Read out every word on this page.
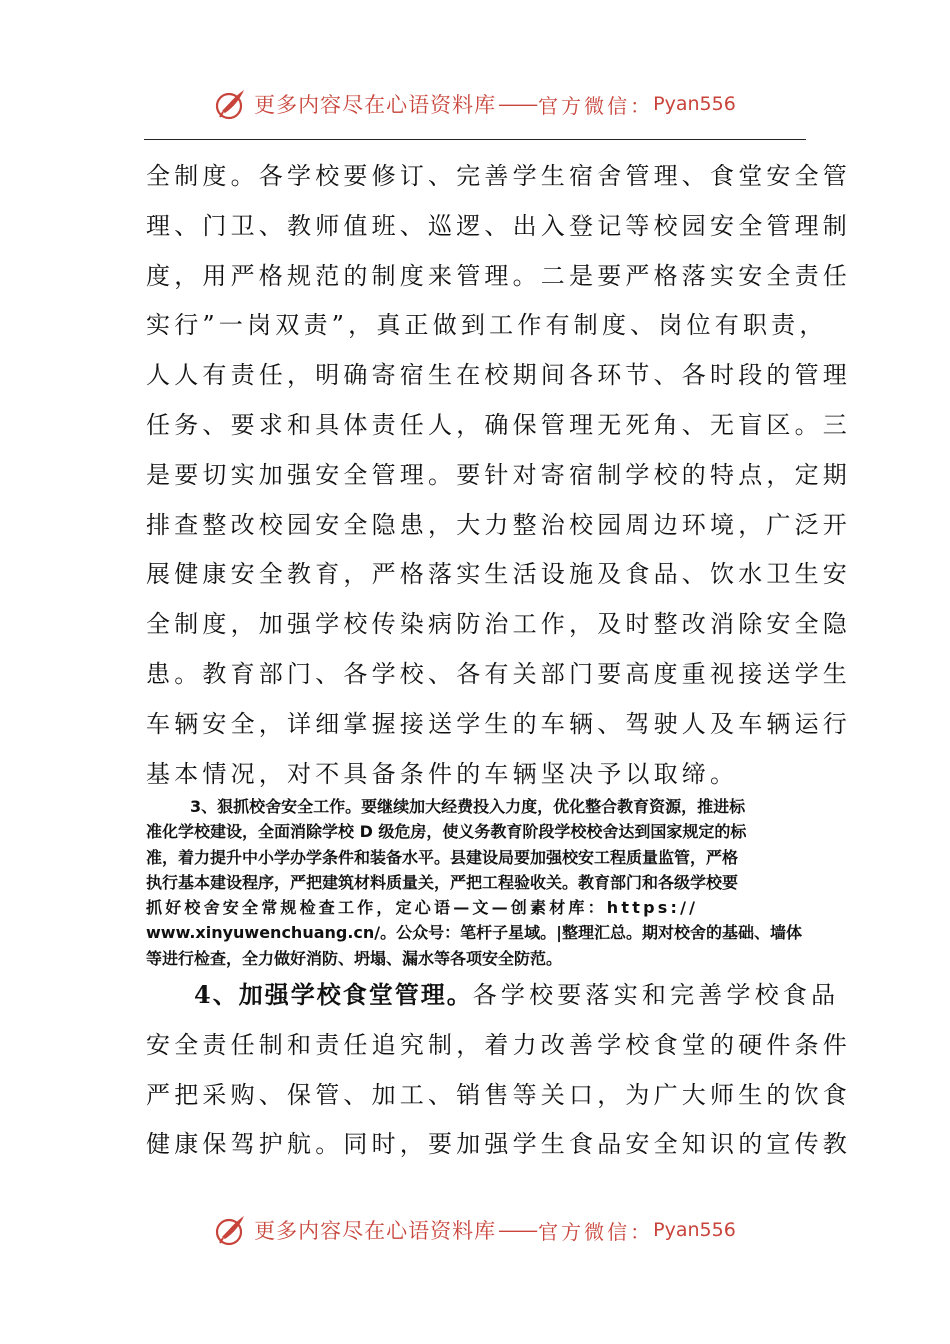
更多内容尽在心语资料库 —— 官方微信： Pyan556
全制度。各学校要修订、完善学生宿舍管理、食堂安全管
理、门卫、教师值班、巡逻、出入登记等校园安全管理制
度，用严格规范的制度来管理。二是要严格落实安全责任
实行”一岗双责”，真正做到工作有制度、岗位有职责，
人人有责任，明确寄宿生在校期间各环节、各时段的管理
任务、要求和具体责任人，确保管理无死角、无盲区。三
是要切实加强安全管理。要针对寄宿制学校的特点，定期
排查整改校园安全隐患，大力整治校园周边环境，广泛开
展健康安全教育，严格落实生活设施及食品、饮水卫生安
全制度，加强学校传染病防治工作，及时整改消除安全隐
患。教育部门、各学校、各有关部门要高度重视接送学生
车辆安全，详细掌握接送学生的车辆、驾驶人及车辆运行
基本情况，对不具备条件的车辆坚决予以取缔。
3、狠抓校舍安全工作。要继续加大经费投入力度，优化整合教育资源，推进标
准化学校建设，全面消除学校 D 级危房，使义务教育阶段学校校舍达到国家规定的标
准，着力提升中小学办学条件和装备水平。县建设局要加强校安工程质量监管，严格
执行基本建设程序，严把建筑材料质量关，严把工程验收关。教育部门和各级学校要
抓好校舍安全常规检查工作，定心语—文—创素材库：https://
www.xinyuwenchuang.cn/。公众号：笔杆子星域。|整理汇总。期对校舍的基础、墙体
等进行检查，全力做好消防、坍塌、漏水等各项安全防范。
4、加强学校食堂管理。各学校要落实和完善学校食品
安全责任制和责任追究制，着力改善学校食堂的硬件条件
严把采购、保管、加工、销售等关口，为广大师生的饮食
健康保驾护航。同时，要加强学生食品安全知识的宣传教
更多内容尽在心语资料库 —— 官方微信： Pyan556
